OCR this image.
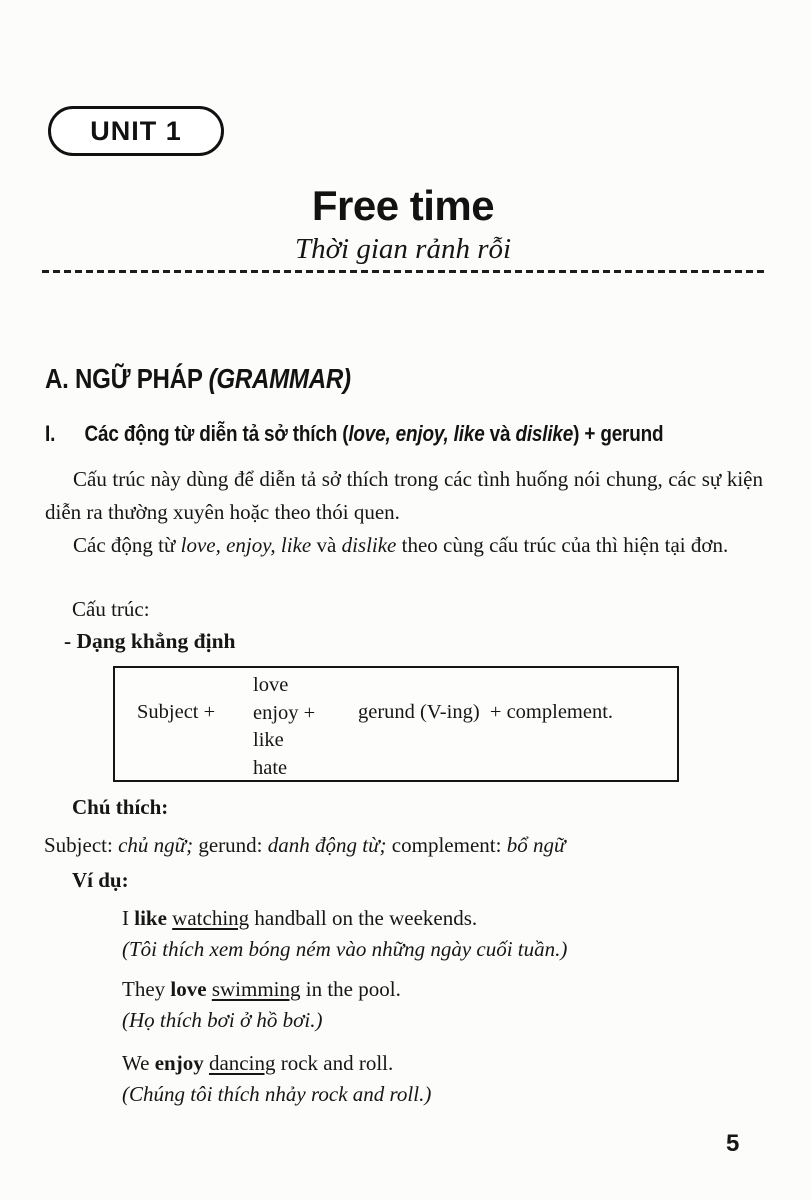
UNIT 1
Free time
Thời gian rảnh rỗi
A. NGỮ PHÁP (GRAMMAR)
I.	Các động từ diễn tả sở thích (love, enjoy, like và dislike) + gerund
Cấu trúc này dùng để diễn tả sở thích trong các tình huống nói chung, các sự kiện diễn ra thường xuyên hoặc theo thói quen.
Các động từ love, enjoy, like và dislike theo cùng cấu trúc của thì hiện tại đơn.
Cấu trúc:
- Dạng khẳng định
Subject +
love
enjoy +
like
hate
gerund (V-ing)  + complement.
Chú thích:
Subject: chủ ngữ; gerund: danh động từ; complement: bổ ngữ
Ví dụ:
I like watching handball on the weekends.
(Tôi thích xem bóng ném vào những ngày cuối tuần.)
They love swimming in the pool.
(Họ thích bơi ở hồ bơi.)
We enjoy dancing rock and roll.
(Chúng tôi thích nhảy rock and roll.)
5
